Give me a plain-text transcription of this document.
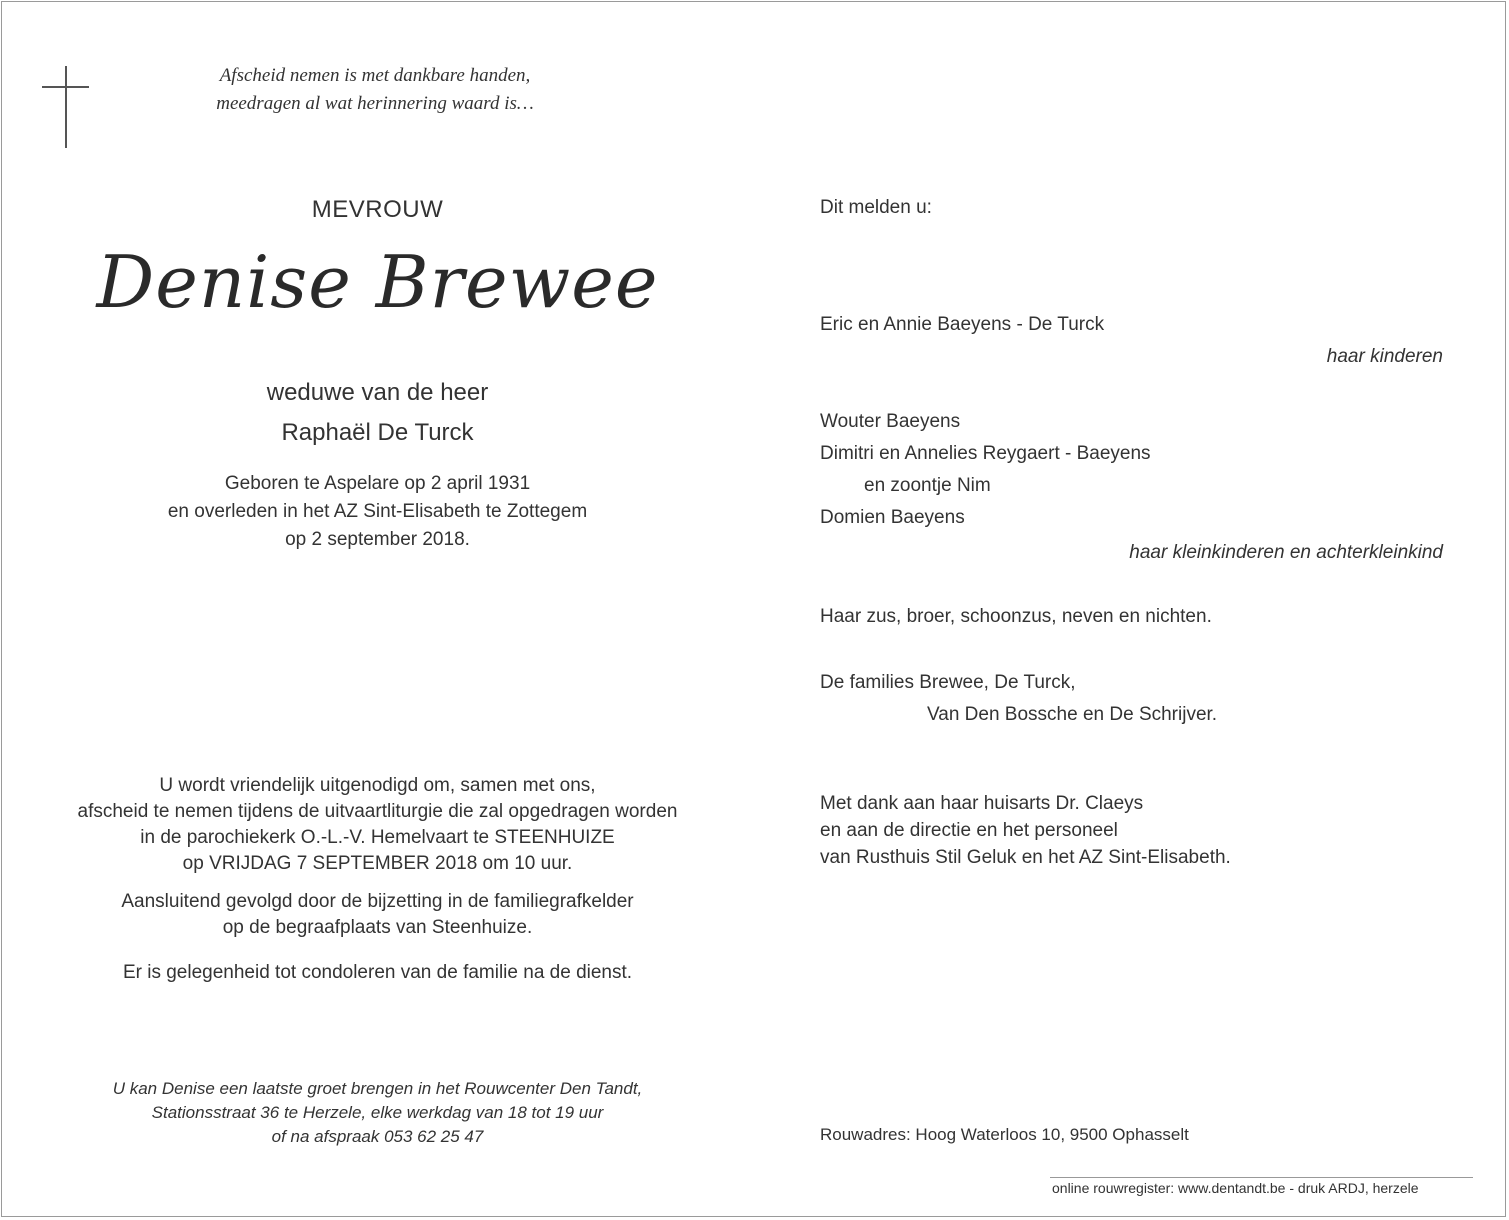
Afscheid nemen is met dankbare handen,
meedragen al wat herinnering waard is…
MEVROUW
Denise Brewee
weduwe van de heer
Raphaël De Turck
Geboren te Aspelare op 2 april 1931
en overleden in het AZ Sint-Elisabeth te Zottegem
op 2 september 2018.
U wordt vriendelijk uitgenodigd om, samen met ons,
afscheid te nemen tijdens de uitvaartliturgie die zal opgedragen worden
in de parochiekerk O.-L.-V. Hemelvaart te STEENHUIZE
op VRIJDAG 7 SEPTEMBER 2018 om 10 uur.
Aansluitend gevolgd door de bijzetting in de familiegrafkelder
op de begraafplaats van Steenhuize.
Er is gelegenheid tot condoleren van de familie na de dienst.
U kan Denise een laatste groet brengen in het Rouwcenter Den Tandt,
Stationsstraat 36 te Herzele, elke werkdag van 18 tot 19 uur
of na afspraak 053 62 25 47
Dit melden u:
Eric en Annie Baeyens - De Turck
haar kinderen
Wouter Baeyens
Dimitri en Annelies Reygaert - Baeyens
en zoontje Nim
Domien Baeyens
haar kleinkinderen en achterkleinkind
Haar zus, broer, schoonzus, neven en nichten.
De families Brewee, De Turck,
Van Den Bossche en De Schrijver.
Met dank aan haar huisarts Dr. Claeys
en aan de directie en het personeel
van Rusthuis Stil Geluk en het AZ Sint-Elisabeth.
Rouwadres: Hoog Waterloos 10, 9500 Ophasselt
online rouwregister: www.dentandt.be - druk ARDJ, herzele
